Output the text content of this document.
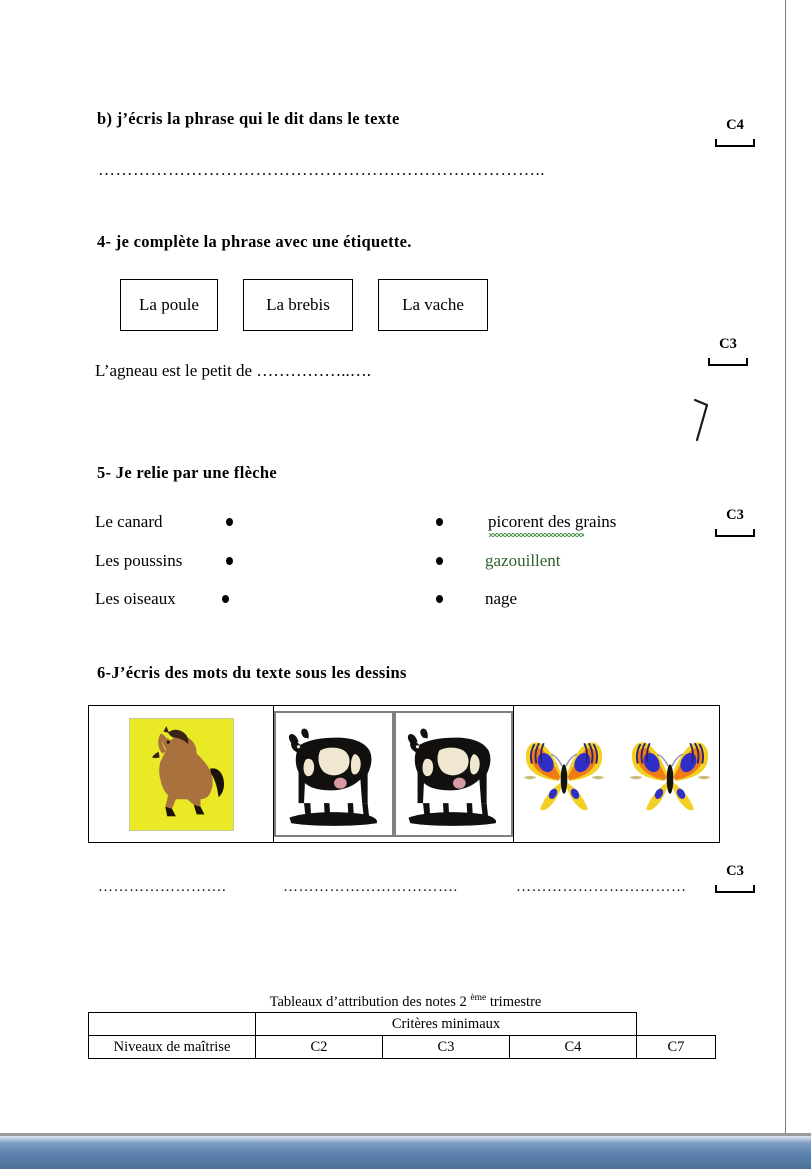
b) j’écris la phrase qui le dit dans le texte
…………………………………………………………………..
C4
4- je complète la phrase avec une étiquette.
La poule	La brebis	La vache
L’agneau est le petit de ……………..….
C3
5- Je relie par une flèche
Le canard
Les poussins
Les oiseaux
picorent des grains
gazouillent
nage
C3
6-J’écris des mots du texte sous les dessins
…………………….	…………………………….	……………………………
C3
Tableaux d’attribution des notes 2 $^{ème}$ trimestre
	Critères minimaux			
Niveaux de maîtrise	C2	C3	C4	C7
